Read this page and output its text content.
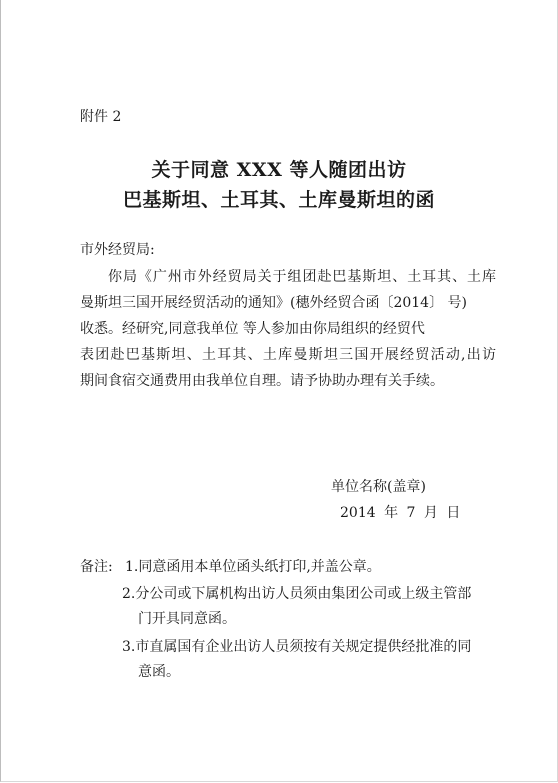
附件 2
关于同意 XXX 等人随团出访
巴基斯坦、土耳其、土库曼斯坦的函
市外经贸局:
你局《广州市外经贸局关于组团赴巴基斯坦、土耳其、土库
曼斯坦三国开展经贸活动的通知》(穗外经贸合函〔2014〕 号)
收悉。经研究,同意我单位 等人参加由你局组织的经贸代
表团赴巴基斯坦、土耳其、土库曼斯坦三国开展经贸活动,出访
期间食宿交通费用由我单位自理。请予协助办理有关手续。
单位名称(盖章)
2014 年 7 月 日
备注: 1.同意函用本单位函头纸打印,并盖公章。
2.分公司或下属机构出访人员须由集团公司或上级主管部
门开具同意函。
3.市直属国有企业出访人员须按有关规定提供经批准的同
意函。
